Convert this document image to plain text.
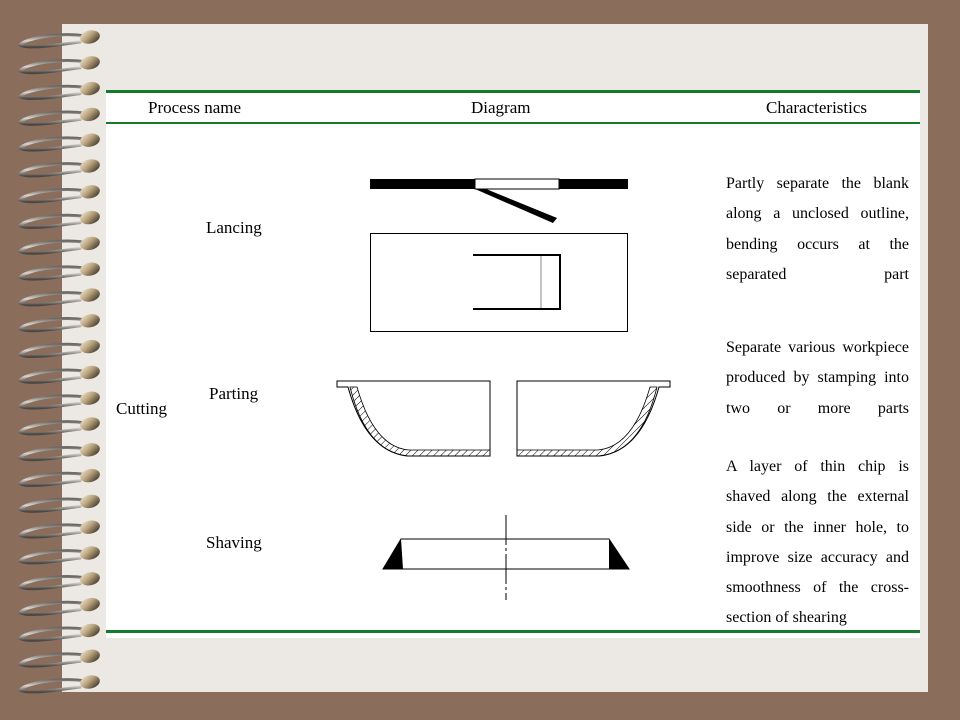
Process name	Diagram	Characteristics
Cutting
Lancing
Parting
Shaving
Partly separate the blank along a unclosed outline, bending occurs at the separated part
Separate various workpiece produced by stamping into two or more parts
A layer of thin chip is shaved along the external side or the inner hole, to improve size accuracy and smoothness of the cross-section of shearing
